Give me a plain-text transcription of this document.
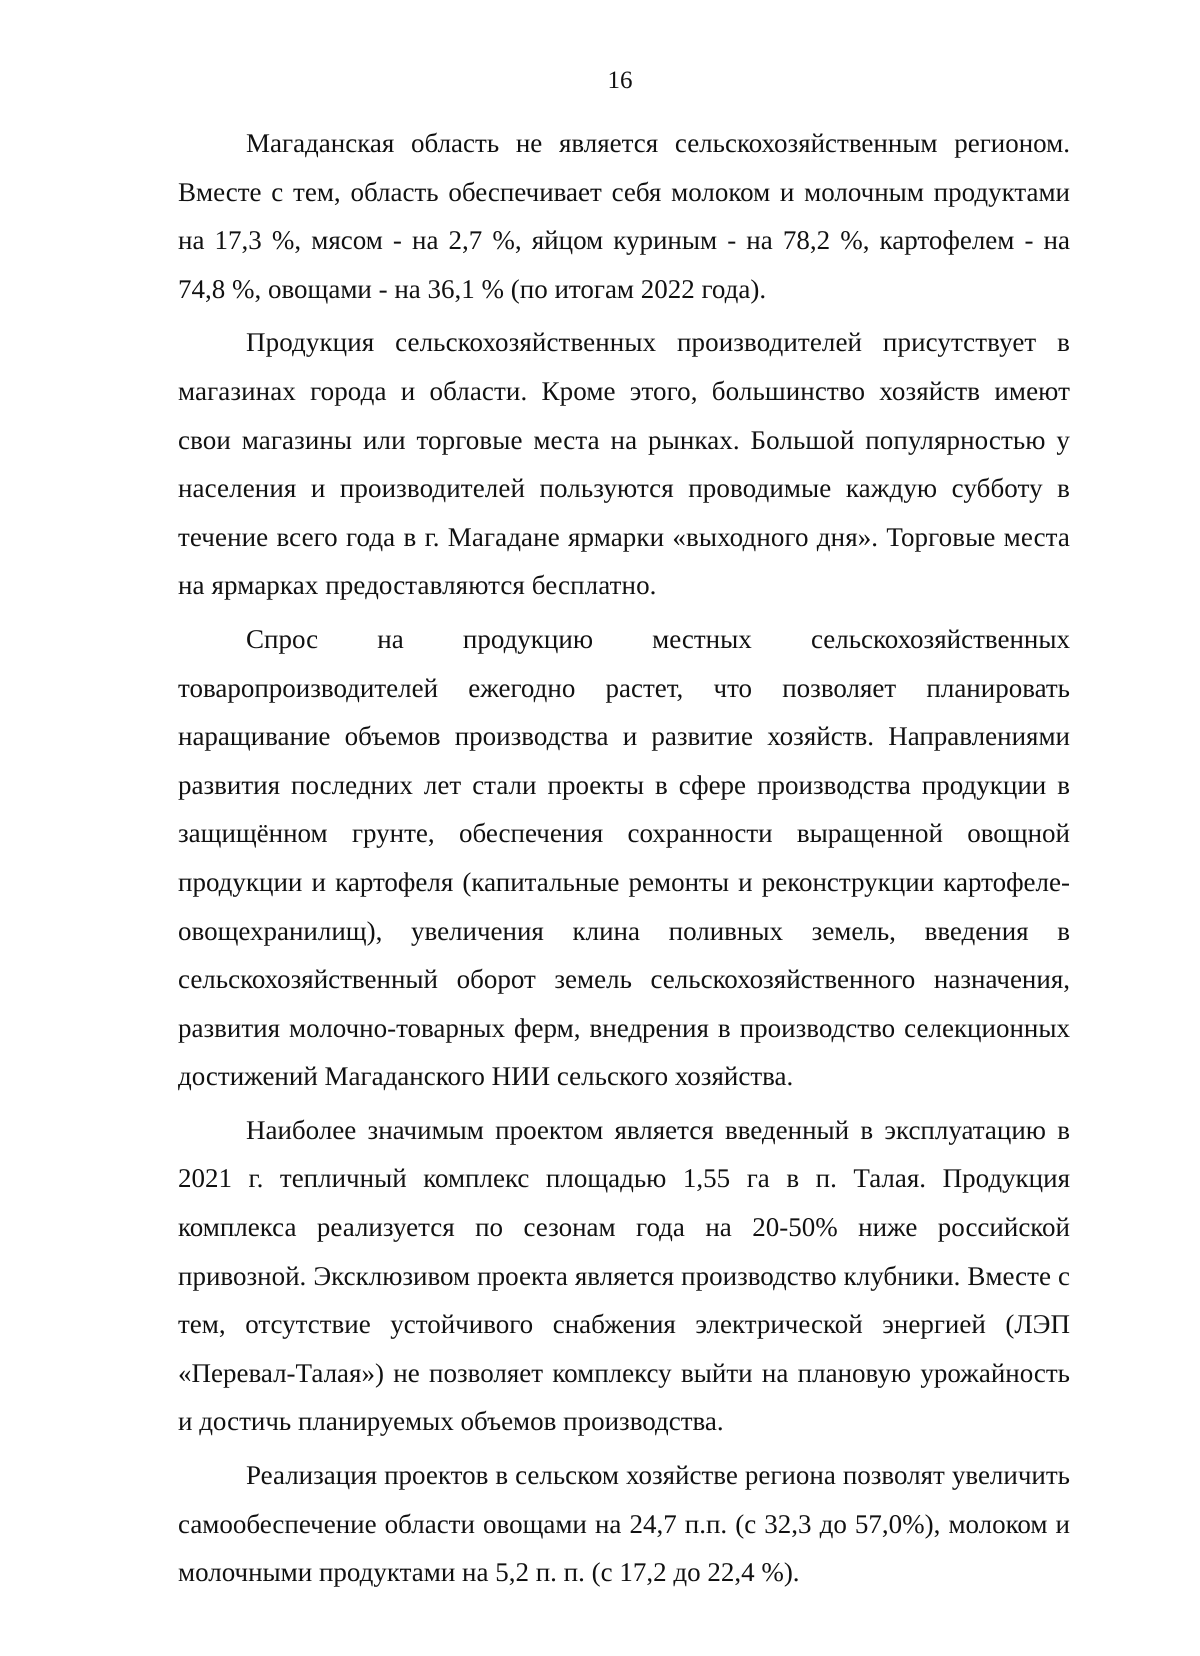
16

Магаданская область не является сельскохозяйственным регионом. Вместе с тем, область обеспечивает себя молоком и молочным продуктами на 17,3 %, мясом - на 2,7 %, яйцом куриным - на 78,2 %, картофелем - на 74,8 %, овощами - на 36,1 % (по итогам 2022 года).

Продукция сельскохозяйственных производителей присутствует в магазинах города и области. Кроме этого, большинство хозяйств имеют свои магазины или торговые места на рынках. Большой популярностью у населения и производителей пользуются проводимые каждую субботу в течение всего года в г. Магадане ярмарки «выходного дня». Торговые места на ярмарках предоставляются бесплатно.

Спрос на продукцию местных сельскохозяйственных товаропроизводителей ежегодно растет, что позволяет планировать наращивание объемов производства и развитие хозяйств. Направлениями развития последних лет стали проекты в сфере производства продукции в защищённом грунте, обеспечения сохранности выращенной овощной продукции и картофеля (капитальные ремонты и реконструкции картофеле-овощехранилищ), увеличения клина поливных земель, введения в сельскохозяйственный оборот земель сельскохозяйственного назначения, развития молочно-товарных ферм, внедрения в производство селекционных достижений Магаданского НИИ сельского хозяйства.

Наиболее значимым проектом является введенный в эксплуатацию в 2021 г. тепличный комплекс площадью 1,55 га в п. Талая. Продукция комплекса реализуется по сезонам года на 20-50% ниже российской привозной. Эксклюзивом проекта является производство клубники. Вместе с тем, отсутствие устойчивого снабжения электрической энергией (ЛЭП «Перевал-Талая») не позволяет комплексу выйти на плановую урожайность и достичь планируемых объемов производства.

Реализация проектов в сельском хозяйстве региона позволят увеличить самообеспечение области овощами на 24,7 п.п. (с 32,3 до 57,0%), молоком и молочными продуктами на 5,2 п. п. (с 17,2 до 22,4 %).
